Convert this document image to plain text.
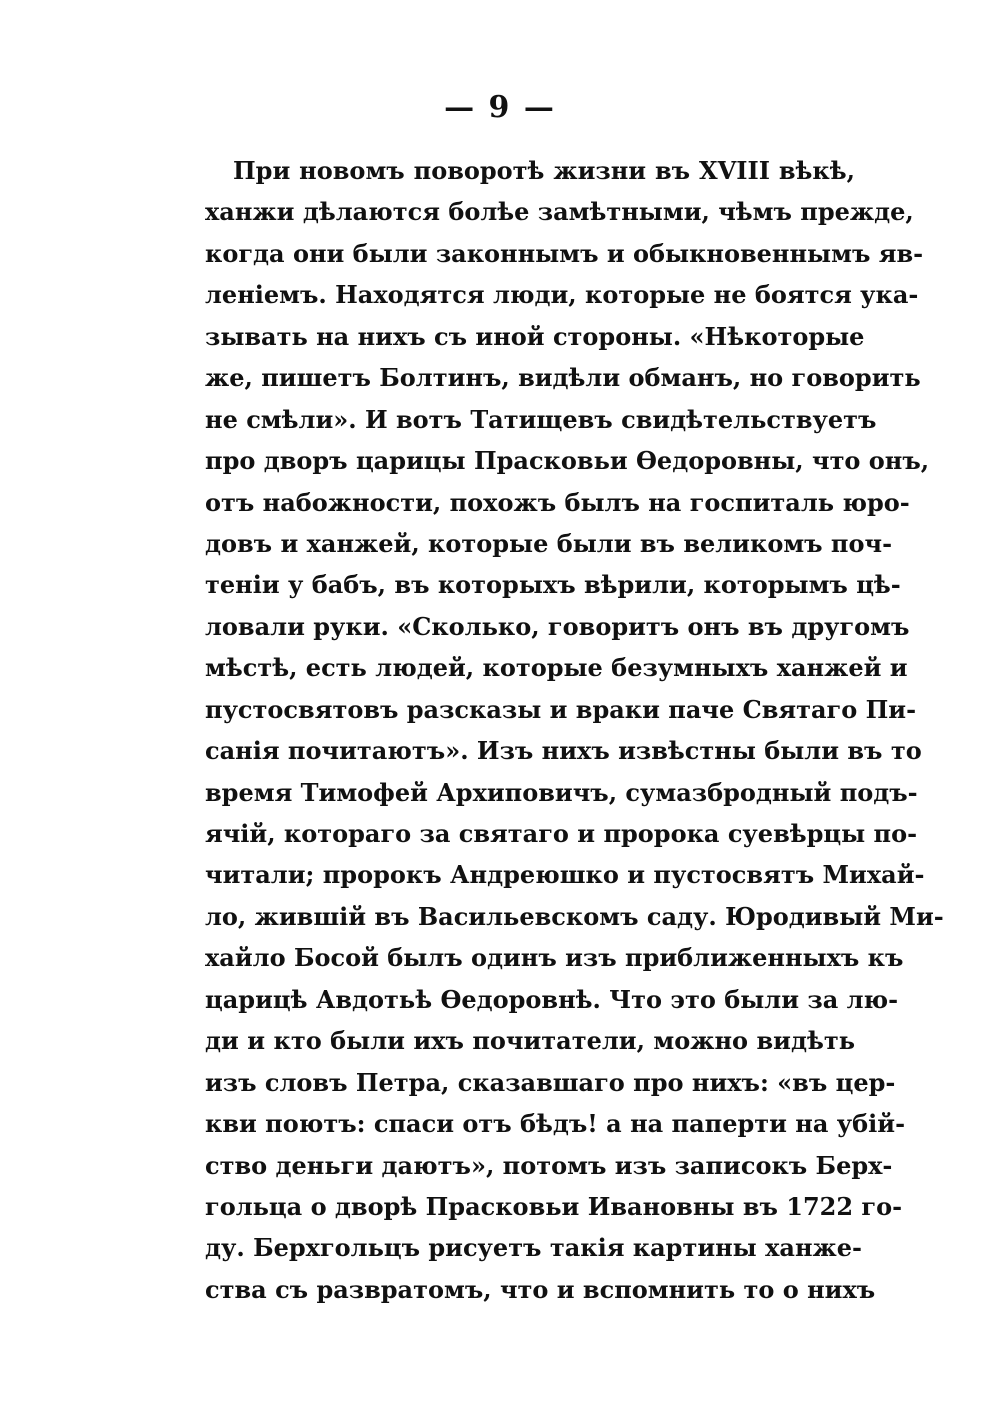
— 9 —
При новомъ повоpотѣ жизни въ XVIII вѣкѣ,
ханжи дѣлаются болѣе замѣтными, чѣмъ прежде,
когда они были законнымъ и обыкновеннымъ яв-
леніемъ. Находятся люди, которые не боятся ука-
зывать на нихъ съ иной стороны. «Нѣкоторые
же, пишетъ Болтинъ, видѣли обманъ, но говорить
не смѣли». И вотъ Татищевъ свидѣтельствуетъ
про дворъ царицы Прасковьи Ѳедоровны, что онъ,
отъ набожности, похожъ былъ на госпиталь юро-
довъ и ханжей, которые были въ великомъ поч-
теніи у бабъ, въ которыхъ вѣрили, которымъ цѣ-
ловали руки. «Сколько, говоритъ онъ въ другомъ
мѣстѣ, есть людей, которые безумныхъ ханжей и
пустосвятовъ разсказы и враки паче Святаго Пи-
санія почитаютъ». Изъ нихъ извѣстны были въ то
время Тимофей Архиповичъ, сумазбродный подъ-
ячій, котораго за святаго и пророка суевѣрцы по-
читали; пророкъ Андреюшко и пустосвятъ Михай-
ло, жившій въ Васильевскомъ саду. Юродивый Ми-
хайло Босой былъ одинъ изъ приближенныхъ къ
царицѣ Авдотьѣ Ѳедоровнѣ. Что это были за лю-
ди и кто были ихъ почитатели, можно видѣть
изъ словъ Петра, сказавшаго про нихъ: «въ цер-
кви поютъ: спаси отъ бѣдъ! а на паперти на убій-
ство деньги даютъ», потомъ изъ записокъ Берх-
гольца о дворѣ Прасковьи Ивановны въ 1722 го-
ду. Берхгольцъ рисуетъ такія картины ханже-
ства съ развратомъ, что и вспомнить то о нихъ
